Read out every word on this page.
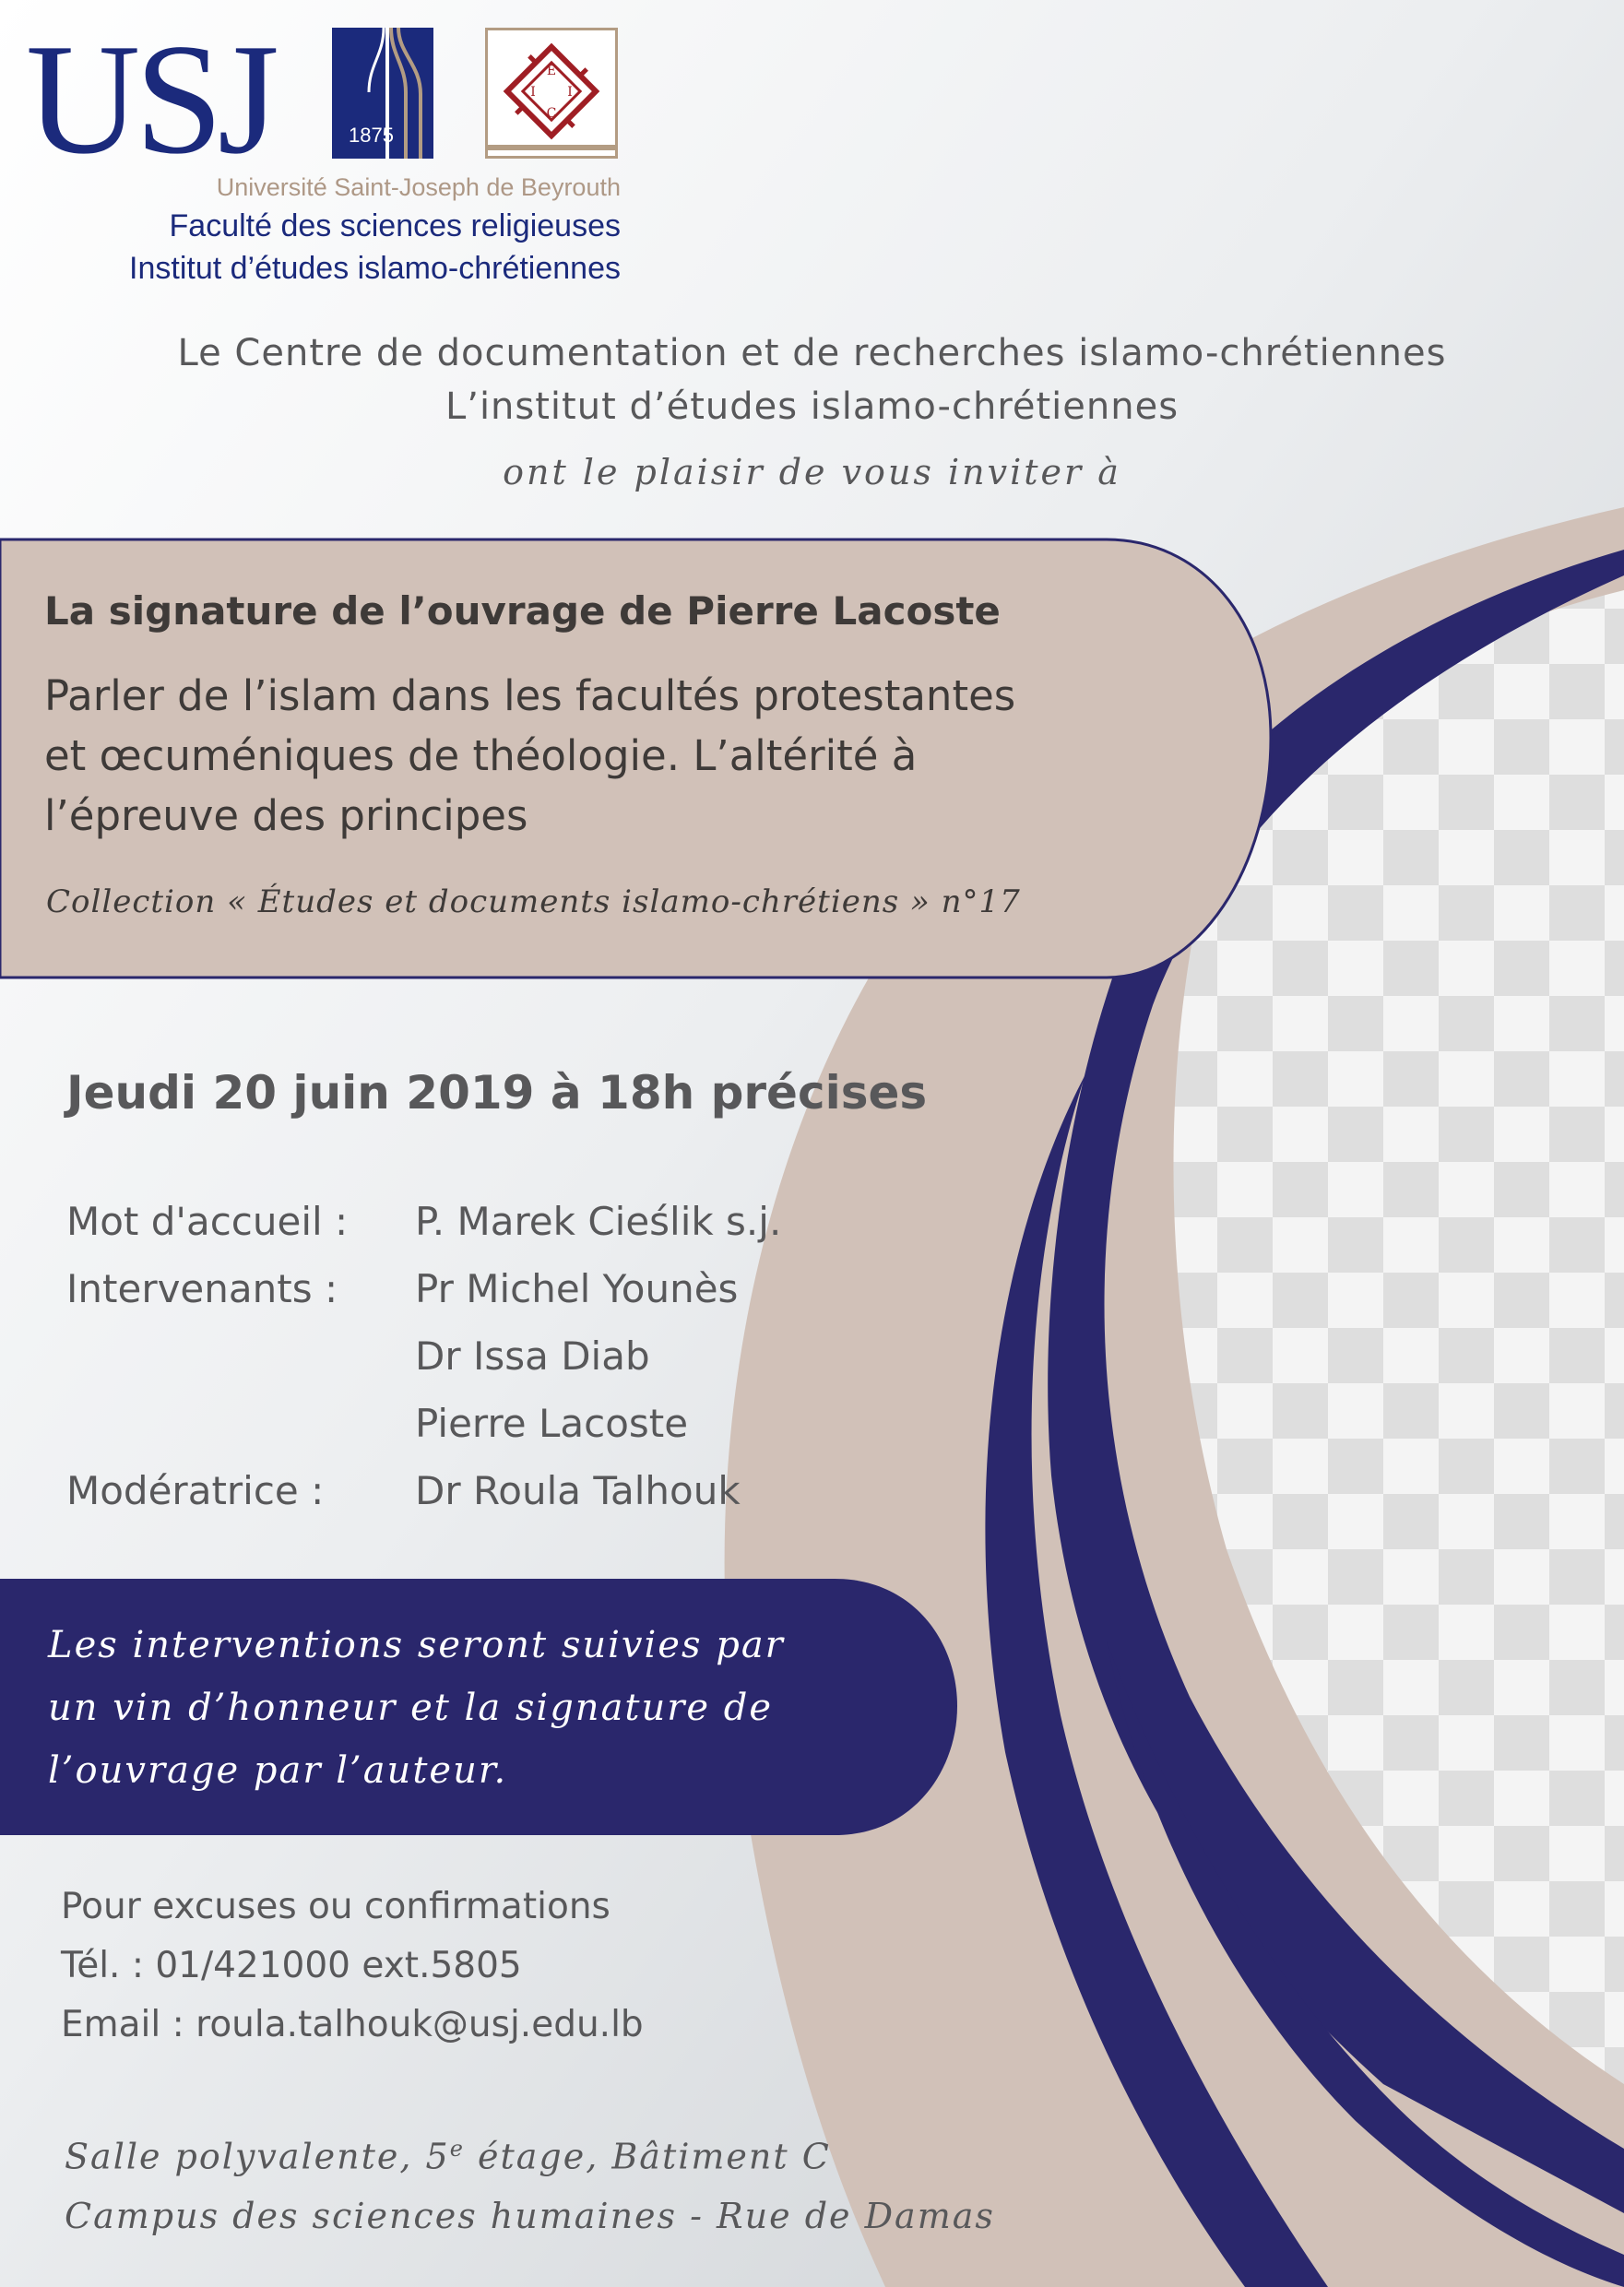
USJ	1875
E
I
C
I
Université Saint-Joseph de Beyrouth
Faculté des sciences religieuses
Institut d’études islamo-chrétiennes
Le Centre de documentation et de recherches islamo-chrétiennes
L’institut d’études islamo-chrétiennes
ont le plaisir de vous inviter à
La signature de l’ouvrage de Pierre Lacoste
Parler de l’islam dans les facultés protestantes
et œcuméniques de théologie. L’altérité à
l’épreuve des principes
Collection « Études et documents islamo-chrétiens » n°17
Jeudi 20 juin 2019 à 18h précises
Mot d'accueil : P. Marek Cieślik s.j.
Intervenants : Pr Michel Younès
Dr Issa Diab
Pierre Lacoste
Modératrice : Dr Roula Talhouk
Les interventions seront suivies par
un vin d’honneur et la signature de
l’ouvrage par l’auteur.
Pour excuses ou confirmations
Tél. : 01/421000 ext.5805
Email : roula.talhouk@usj.edu.lb
Salle polyvalente, 5e étage, Bâtiment C
Campus des sciences humaines - Rue de Damas
